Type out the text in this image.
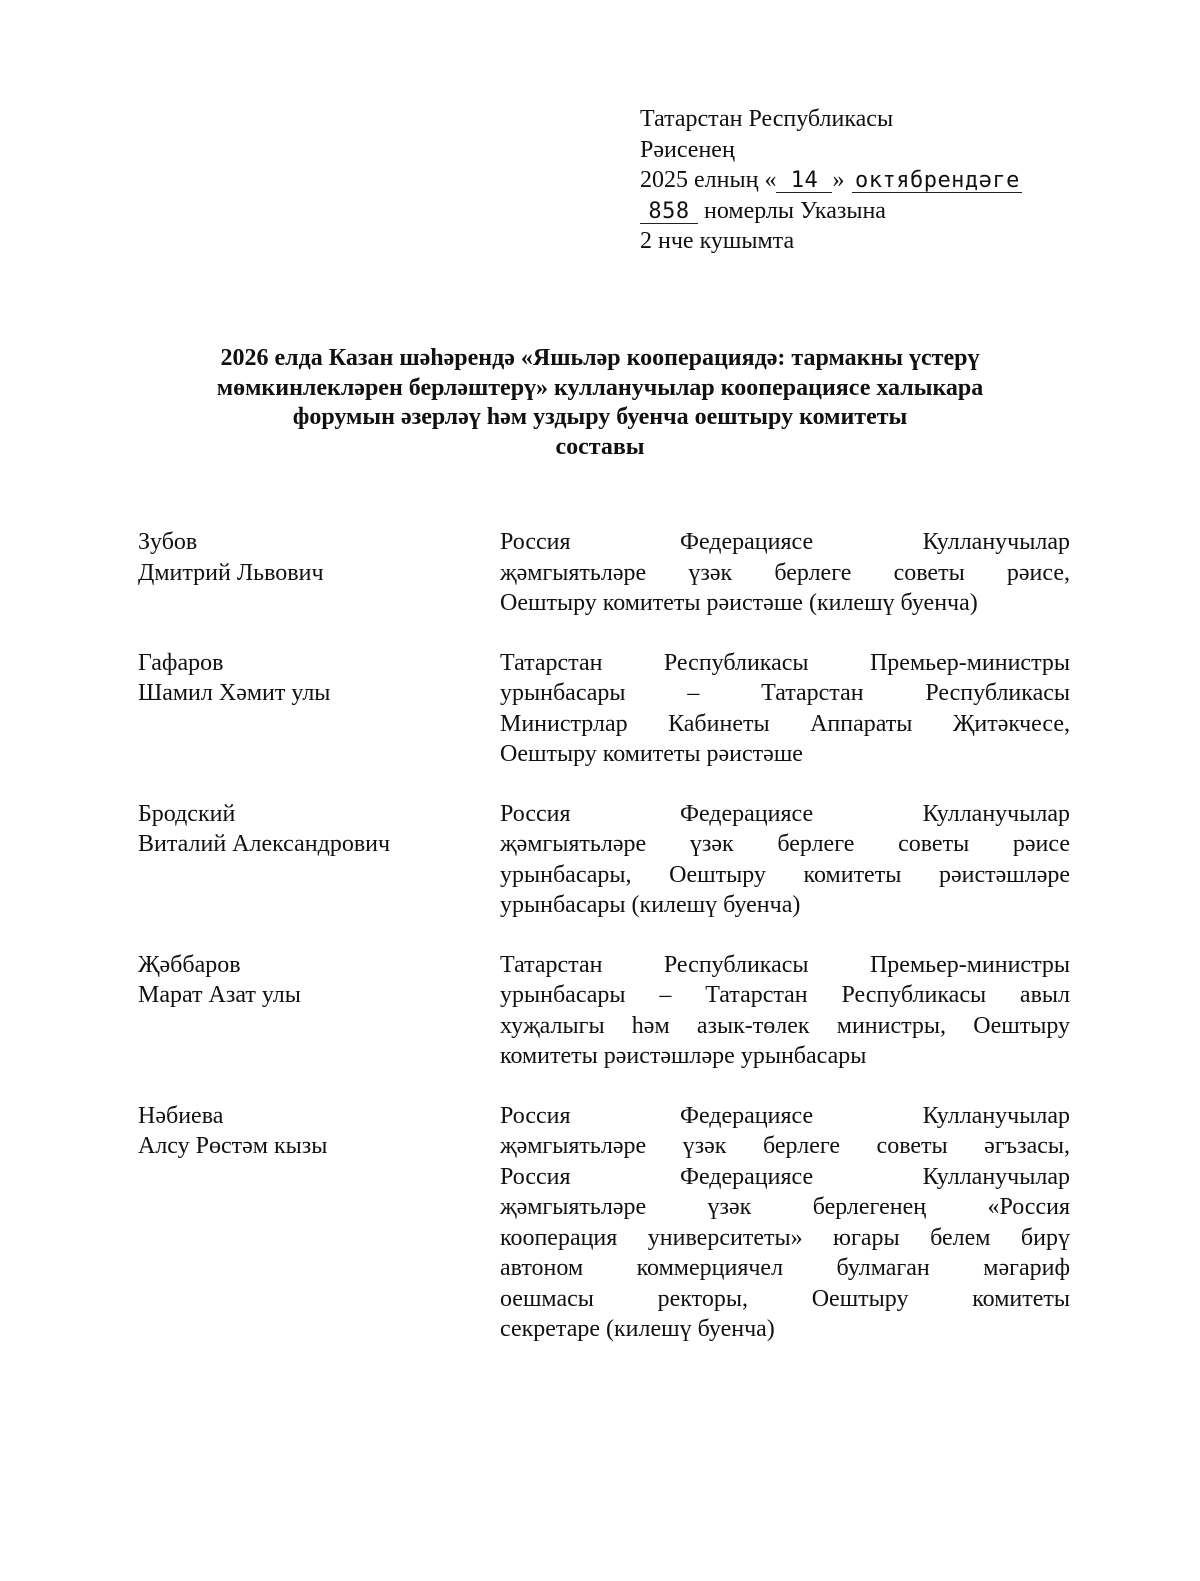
Татарстан Республикасы
Рәисенең
2025 елның « 14 » октябрендәге
858 номерлы Указына
2 нче кушымта
2026 елда Казан шәһәрендә «Яшьләр кооперациядә: тармакны үстерү
мөмкинлекләрен берләштерү» кулланучылар кооперациясе халыкара
форумын әзерләү һәм уздыру буенча оештыру комитеты
составы
Зубов
Дмитрий Львович
Россия Федерациясе Кулланучылар
җәмгыятьләре үзәк берлеге советы рәисе,
Оештыру комитеты рәистәше (килешү буенча)
Гафаров
Шамил Хәмит улы
Татарстан Республикасы Премьер-министры
урынбасары – Татарстан Республикасы
Министрлар Кабинеты Аппараты Җитәкчесе,
Оештыру комитеты рәистәше
Бродский
Виталий Александрович
Россия Федерациясе Кулланучылар
җәмгыятьләре үзәк берлеге советы рәисе
урынбасары, Оештыру комитеты рәистәшләре
урынбасары (килешү буенча)
Җәббаров
Марат Азат улы
Татарстан Республикасы Премьер-министры
урынбасары – Татарстан Республикасы авыл
хуҗалыгы һәм азык-төлек министры, Оештыру
комитеты рәистәшләре урынбасары
Нәбиева
Алсу Рөстәм кызы
Россия Федерациясе Кулланучылар
җәмгыятьләре үзәк берлеге советы әгъзасы,
Россия Федерациясе Кулланучылар
җәмгыятьләре үзәк берлегенең «Россия
кооперация университеты» югары белем бирү
автоном коммерциячел булмаган мәгариф
оешмасы ректоры, Оештыру комитеты
секретаре (килешү буенча)
